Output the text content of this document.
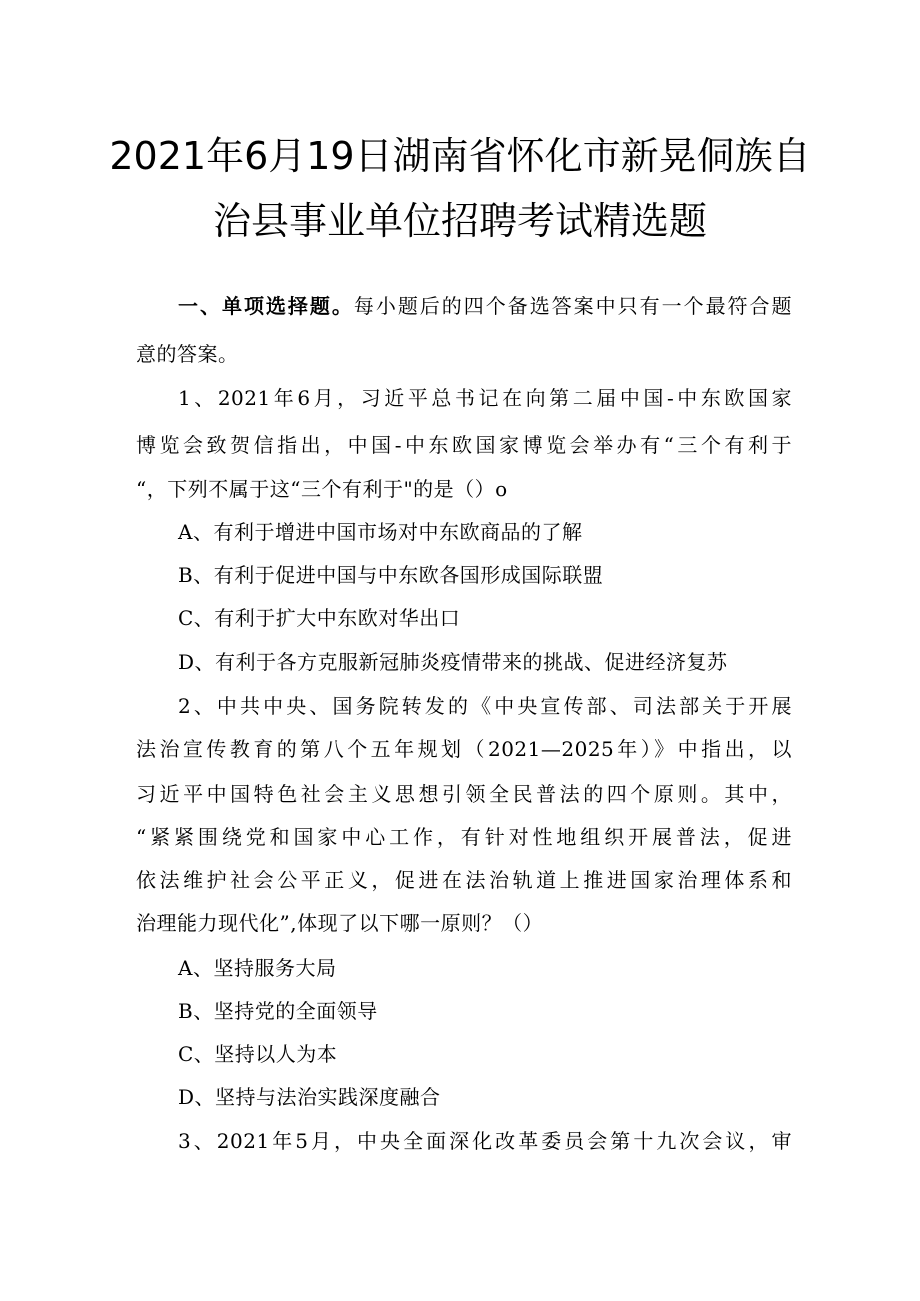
2021年6月19日湖南省怀化市新晃侗族自
治县事业单位招聘考试精选题
一、单项选择题。每小题后的四个备选答案中只有一个最符合题
意的答案。
1、2021年6月，习近平总书记在向第二届中国-中东欧国家
博览会致贺信指出，中国-中东欧国家博览会举办有“三个有利于
“，下列不属于这“三个有利于"的是（）o
A、有利于增进中国市场对中东欧商品的了解
B、有利于促进中国与中东欧各国形成国际联盟
C、有利于扩大中东欧对华出口
D、有利于各方克服新冠肺炎疫情带来的挑战、促进经济复苏
2、中共中央、国务院转发的《中央宣传部、司法部关于开展
法治宣传教育的第八个五年规划（2021—2025年）》中指出，以
习近平中国特色社会主义思想引领全民普法的四个原则。其中，
“紧紧围绕党和国家中心工作，有针对性地组织开展普法，促进
依法维护社会公平正义，促进在法治轨道上推进国家治理体系和
治理能力现代化”,体现了以下哪一原则？（）
A、坚持服务大局
B、坚持党的全面领导
C、坚持以人为本
D、坚持与法治实践深度融合
3、2021年5月，中央全面深化改革委员会第十九次会议，审
